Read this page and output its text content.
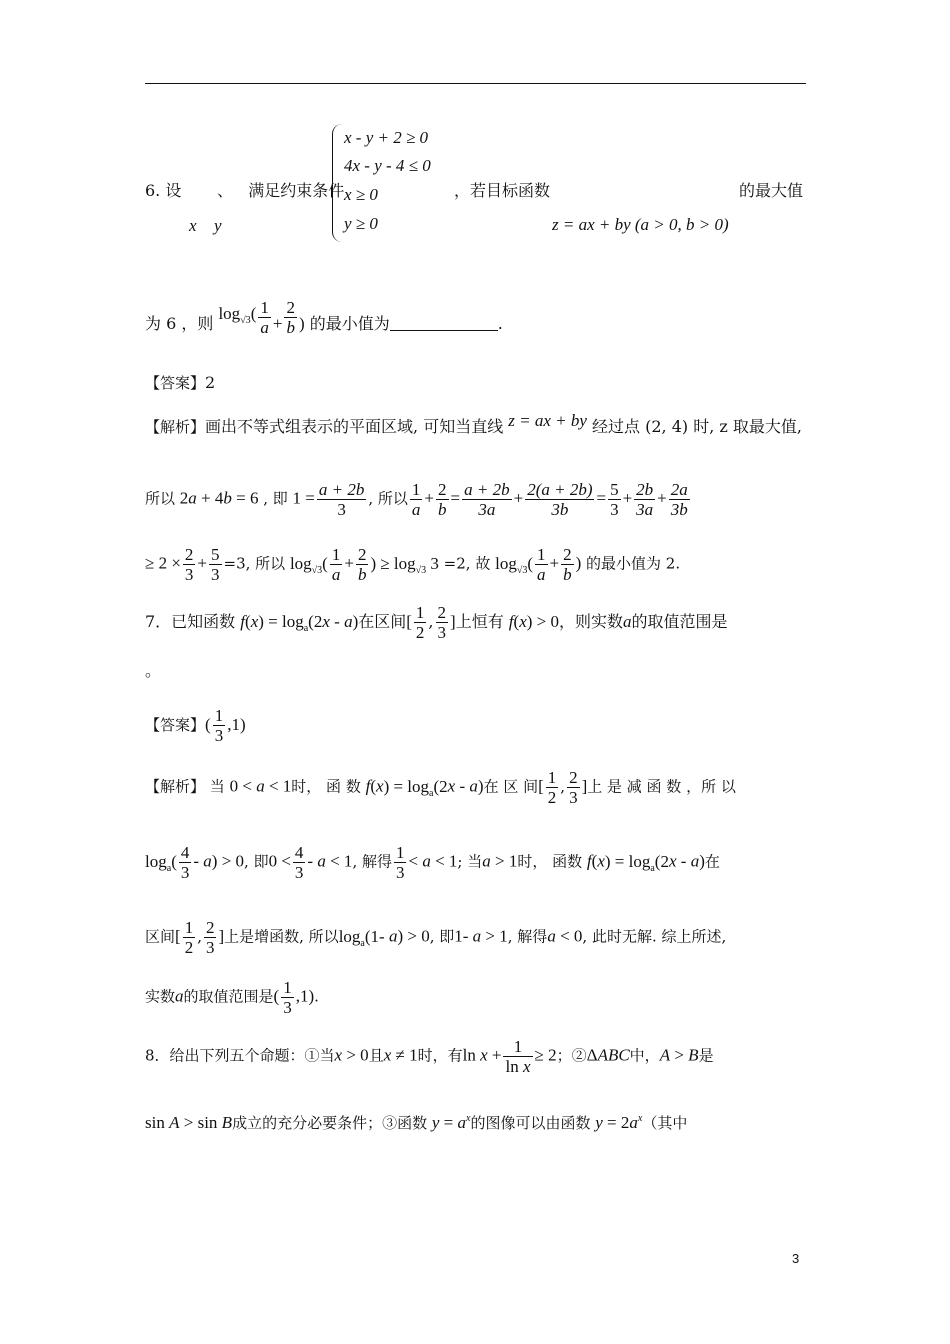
6. 设 、 满足约束条件
x y
x - y + 2 ≥ 0
4x - y - 4 ≤ 0
x ≥ 0
y ≥ 0
，若目标函数	的最大值
z = ax + by (a > 0, b > 0)
为 6 ，则 $\log_{√3}( \frac{1}{a} + \frac{2}{b}$ ) 的最小值为	.
【答案】2
【解析】画出不等式组表示的平面区域, 可知当直线 z = ax + by 经过点 (2, 4) 时, z 取最大值,
所以 2a + 4b = 6 , 即 $1 = \frac{a + 2b}{3}$ , 所以 $\frac{1}{a} + \frac{2}{b} = \frac{a + 2b}{3a} + \frac{2(a + 2b)}{3b} = \frac{5}{3} + \frac{2b}{3a} + \frac{2a}{3b}$
≥ $2 \times \frac{2}{3} + \frac{5}{3} =3$, 所以 $\log_{√3}( \frac{1}{a} + \frac{2}{b}$ ) ≥ $\log_{√3} 3 =2$, 故 $\log_{√3}( \frac{1}{a} + \frac{2}{b}$ ) 的最小值为 2.
7．已知函数 $f(x) = \log_a(2x - a)$在区间[ $\frac{1}{2}$ , $\frac{2}{3}$ ]上恒有 f(x) > 0，则实数a的取值范围是
。
【答案】( $\frac{1}{3} ,1$)
【解析】 当 0 < a < 1时， 函 数 $f(x) = \log_a(2x - a)$在 区 间[ $\frac{1}{2}$ , $\frac{2}{3}$ ]上 是 减 函 数 ，所 以
$\log_a( \frac{4}{3} - a) > 0$, 即$0 < \frac{4}{3} - a < 1$, 解得 $\frac{1}{3} < a < 1$; 当a > 1时， 函数 $f(x) = \log_a(2x - a)$在
区间[ $\frac{1}{2}$ , $\frac{2}{3}$ ]上是增函数, 所以$\log_a(1-$ a) > 0, 即1- a > 1, 解得a < 0, 此时无解. 综上所述,
实数a的取值范围是( $\frac{1}{3} ,1$).
8．给出下列五个命题：①当x > 0且x ≠ 1时，有$\ln x + \frac{1}{\text{ln x}} \ge 2$；②ΔABC中，A > B是
sin A > sin B成立的充分必要条件；③函数 $y = a^x$的图像可以由函数 $y = 2a^x$（其中
3
